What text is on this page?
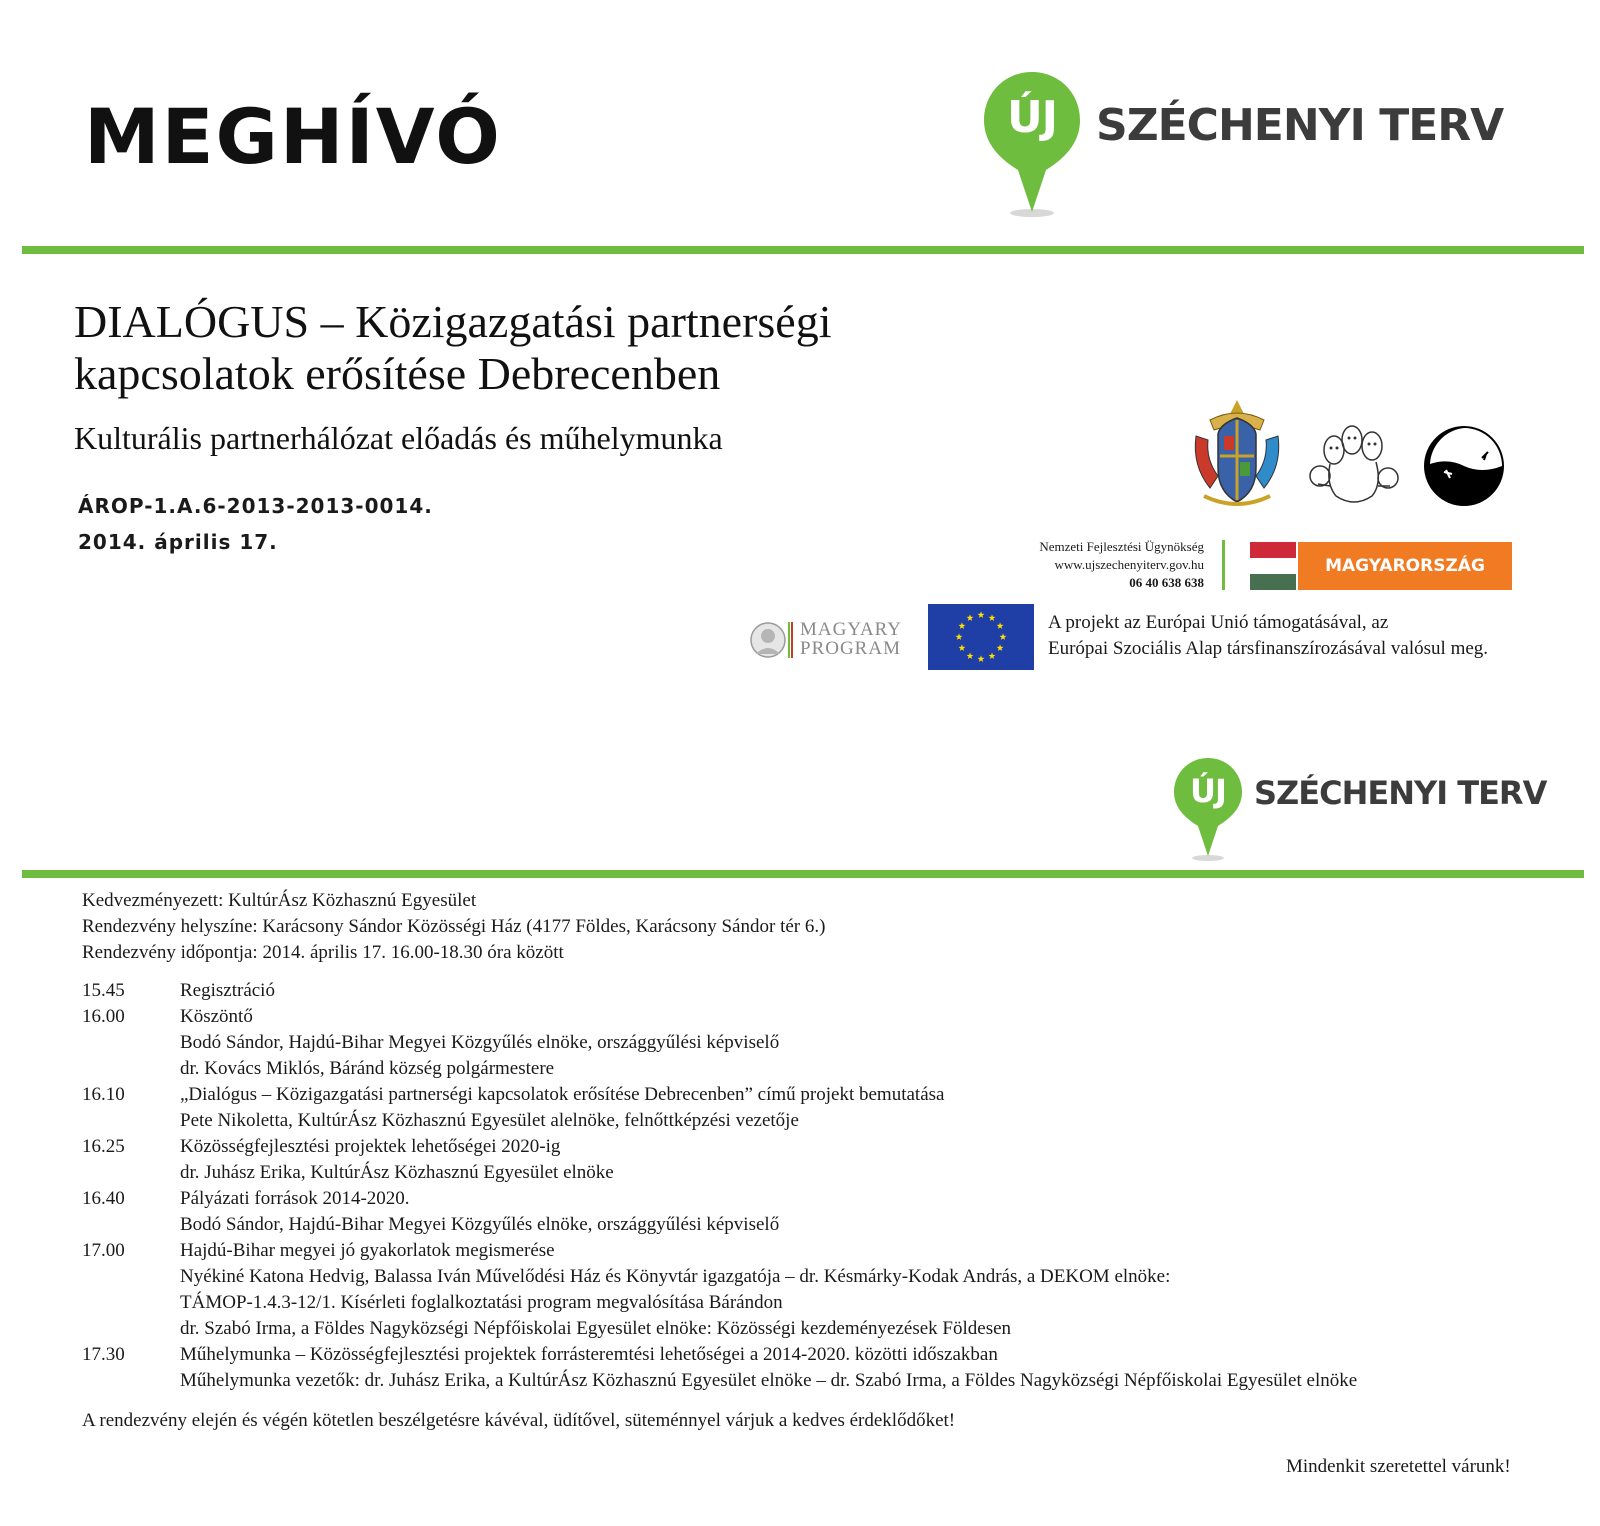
MEGHÍVÓ	ÚJ SZÉCHENYI TERV
DIALÓGUS – Közigazgatási partnerségi
kapcsolatok erősítése Debrecenben
Kulturális partnerhálózat előadás és műhelymunka
ÁROP-1.A.6-2013-2013-0014.
2014. április 17.	Nemzeti Fejlesztési Ügynökség
www.ujszechenyiterv.gov.hu
06 40 638 638
MAGYARORSZÁG MEGÚJUL
MAGYARY
PROGRAM
A projekt az Európai Unió támogatásával, az
Európai Szociális Alap társfinanszírozásával valósul meg.
ÚJ SZÉCHENYI TERV
Kedvezményezett: KultúrÁsz Közhasznú Egyesület
Rendezvény helyszíne: Karácsony Sándor Közösségi Ház (4177 Földes, Karácsony Sándor tér 6.)
Rendezvény időpontja: 2014. április 17. 16.00-18.30 óra között
15.45	Regisztráció
16.00	Köszöntő
Bodó Sándor, Hajdú-Bihar Megyei Közgyűlés elnöke, országgyűlési képviselő
dr. Kovács Miklós, Báránd község polgármestere
16.10	„Dialógus – Közigazgatási partnerségi kapcsolatok erősítése Debrecenben” című projekt bemutatása
Pete Nikoletta, KultúrÁsz Közhasznú Egyesület alelnöke, felnőttképzési vezetője
16.25	Közösségfejlesztési projektek lehetőségei 2020-ig
dr. Juhász Erika, KultúrÁsz Közhasznú Egyesület elnöke
16.40	Pályázati források 2014-2020.
Bodó Sándor, Hajdú-Bihar Megyei Közgyűlés elnöke, országgyűlési képviselő
17.00	Hajdú-Bihar megyei jó gyakorlatok megismerése
Nyékiné Katona Hedvig, Balassa Iván Művelődési Ház és Könyvtár igazgatója – dr. Késmárky-Kodak András, a DEKOM elnöke:
TÁMOP-1.4.3-12/1. Kísérleti foglalkoztatási program megvalósítása Bárándon
dr. Szabó Irma, a Földes Nagyközségi Népfőiskolai Egyesület elnöke: Közösségi kezdeményezések Földesen
17.30	Műhelymunka – Közösségfejlesztési projektek forrásteremtési lehetőségei a 2014-2020. közötti időszakban
Műhelymunka vezetők: dr. Juhász Erika, a KultúrÁsz Közhasznú Egyesület elnöke – dr. Szabó Irma, a Földes Nagyközségi Népfőiskolai Egyesület elnöke
A rendezvény elején és végén kötetlen beszélgetésre kávéval, üdítővel, süteménnyel várjuk a kedves érdeklődőket!
Mindenkit szeretettel várunk!
